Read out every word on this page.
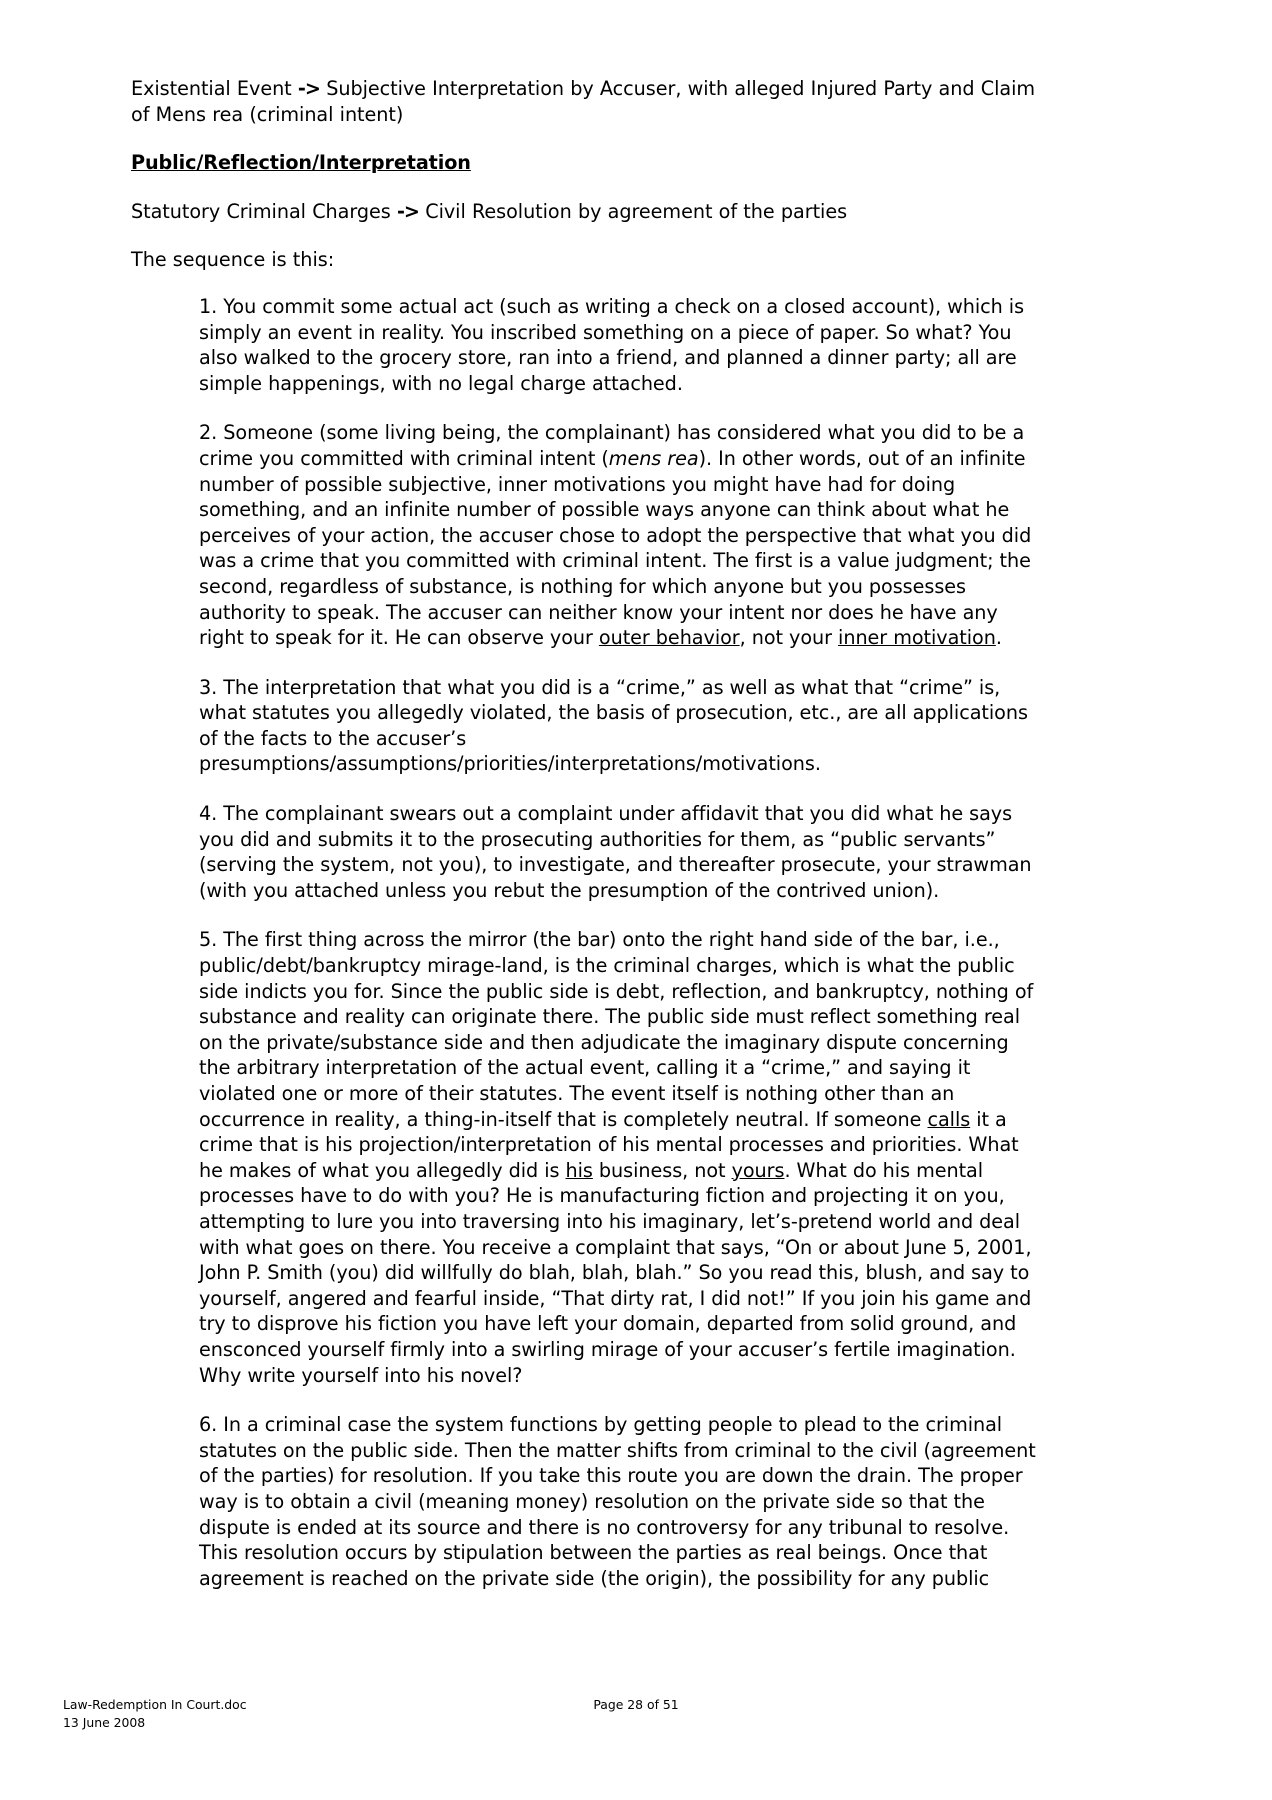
Existential Event -> Subjective Interpretation by Accuser, with alleged Injured Party and Claim of Mens rea (criminal intent)

Public/Reflection/Interpretation

Statutory Criminal Charges -> Civil Resolution by agreement of the parties

The sequence is this:

1. You commit some actual act (such as writing a check on a closed account), which is simply an event in reality. You inscribed something on a piece of paper. So what? You also walked to the grocery store, ran into a friend, and planned a dinner party; all are simple happenings, with no legal charge attached.

2. Someone (some living being, the complainant) has considered what you did to be a crime you committed with criminal intent (mens rea). In other words, out of an infinite number of possible subjective, inner motivations you might have had for doing something, and an infinite number of possible ways anyone can think about what he perceives of your action, the accuser chose to adopt the perspective that what you did was a crime that you committed with criminal intent. The first is a value judgment; the second, regardless of substance, is nothing for which anyone but you possesses authority to speak. The accuser can neither know your intent nor does he have any right to speak for it. He can observe your outer behavior, not your inner motivation.

3. The interpretation that what you did is a “crime,” as well as what that “crime” is, what statutes you allegedly violated, the basis of prosecution, etc., are all applications of the facts to the accuser’s presumptions/assumptions/priorities/interpretations/motivations.

4. The complainant swears out a complaint under affidavit that you did what he says you did and submits it to the prosecuting authorities for them, as “public servants” (serving the system, not you), to investigate, and thereafter prosecute, your strawman (with you attached unless you rebut the presumption of the contrived union).

5. The first thing across the mirror (the bar) onto the right hand side of the bar, i.e., public/debt/bankruptcy mirage-land, is the criminal charges, which is what the public side indicts you for. Since the public side is debt, reflection, and bankruptcy, nothing of substance and reality can originate there. The public side must reflect something real on the private/substance side and then adjudicate the imaginary dispute concerning the arbitrary interpretation of the actual event, calling it a “crime,” and saying it violated one or more of their statutes. The event itself is nothing other than an occurrence in reality, a thing-in-itself that is completely neutral. If someone calls it a crime that is his projection/interpretation of his mental processes and priorities. What he makes of what you allegedly did is his business, not yours. What do his mental processes have to do with you? He is manufacturing fiction and projecting it on you, attempting to lure you into traversing into his imaginary, let’s-pretend world and deal with what goes on there. You receive a complaint that says, “On or about June 5, 2001, John P. Smith (you) did willfully do blah, blah, blah.” So you read this, blush, and say to yourself, angered and fearful inside, “That dirty rat, I did not!” If you join his game and try to disprove his fiction you have left your domain, departed from solid ground, and ensconced yourself firmly into a swirling mirage of your accuser’s fertile imagination. Why write yourself into his novel?

6. In a criminal case the system functions by getting people to plead to the criminal statutes on the public side. Then the matter shifts from criminal to the civil (agreement of the parties) for resolution. If you take this route you are down the drain. The proper way is to obtain a civil (meaning money) resolution on the private side so that the dispute is ended at its source and there is no controversy for any tribunal to resolve. This resolution occurs by stipulation between the parties as real beings. Once that agreement is reached on the private side (the origin), the possibility for any public

Law-Redemption In Court.doc	Page 28 of 51
13 June 2008
